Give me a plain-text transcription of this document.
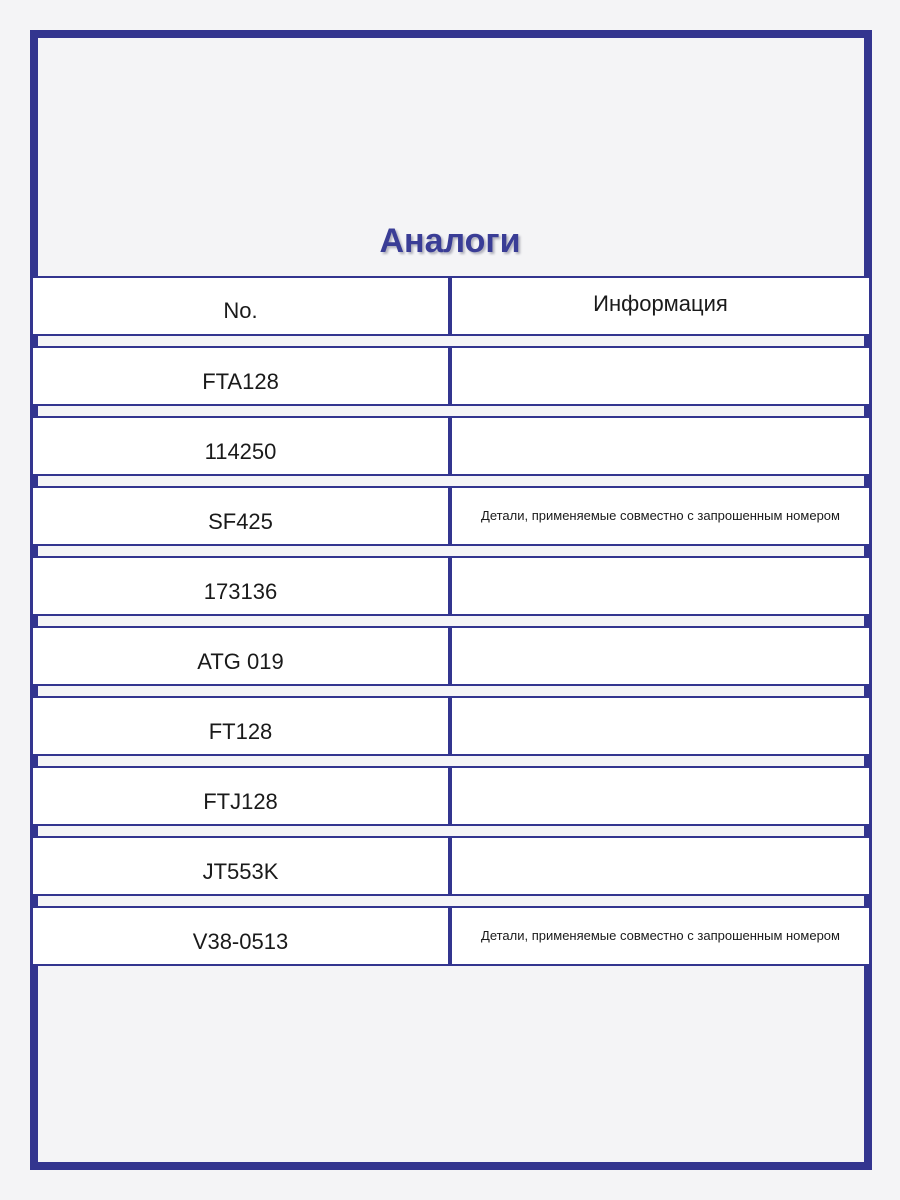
Аналоги
No.	Информация
FTA128
114250
SF425	Детали, применяемые совместно с запрошенным номером
173136
ATG 019
FT128
FTJ128
JT553K
V38-0513	Детали, применяемые совместно с запрошенным номером
